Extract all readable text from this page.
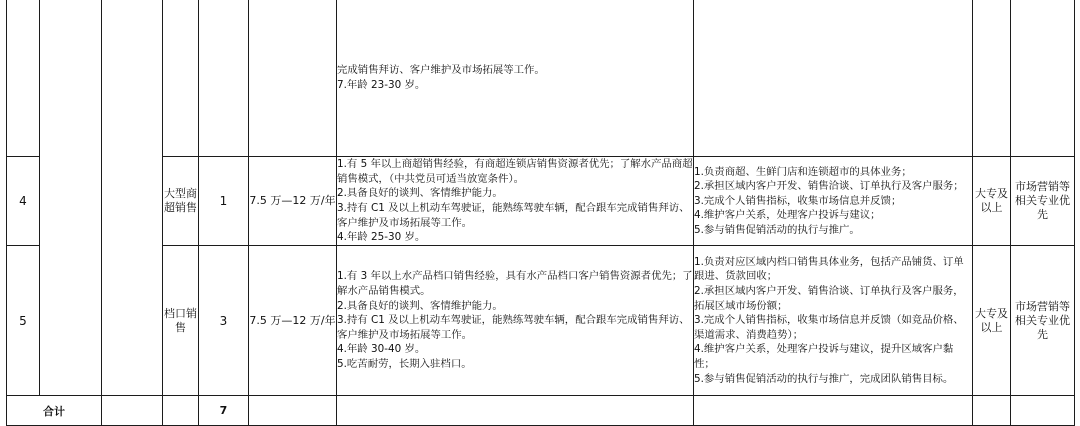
						完成销售拜访、客户维护及市场拓展等工作。
7.年龄 23-30 岁。			
4			大型商超销售	1	7.5 万—12 万/年	1.有 5 年以上商超销售经验，有商超连锁店销售资源者优先；了解水产品商超销售模式，（中共党员可适当放宽条件）。
2.具备良好的谈判、客情维护能力。
3.持有 C1 及以上机动车驾驶证，能熟练驾驶车辆，配合跟车完成销售拜访、客户维护及市场拓展等工作。
4.年龄 25-30 岁。	1.负责商超、生鲜门店和连锁超市的具体业务；
2.承担区域内客户开发、销售洽谈、订单执行及客户服务；
3.完成个人销售指标，收集市场信息并反馈；
4.维护客户关系，处理客户投诉与建议；
5.参与销售促销活动的执行与推广。	大专及以上	市场营销等相关专业优先
5			档口销售	3	7.5 万—12 万/年	1.有 3 年以上水产品档口销售经验，具有水产品档口客户销售资源者优先；了解水产品销售模式。
2.具备良好的谈判、客情维护能力。
3.持有 C1 及以上机动车驾驶证，能熟练驾驶车辆，配合跟车完成销售拜访、客户维护及市场拓展等工作。
4.年龄 30-40 岁。
5.吃苦耐劳，长期入驻档口。	1.负责对应区域内档口销售具体业务，包括产品铺货、订单跟进、货款回收；
2.承担区域内客户开发、销售洽谈、订单执行及客户服务，拓展区域市场份额；
3.完成个人销售指标，收集市场信息并反馈（如竞品价格、渠道需求、消费趋势）；
4.维护客户关系，处理客户投诉与建议，提升区域客户黏性；
5.参与销售促销活动的执行与推广，完成团队销售目标。	大专及以上	市场营销等相关专业优先
合计				7					
